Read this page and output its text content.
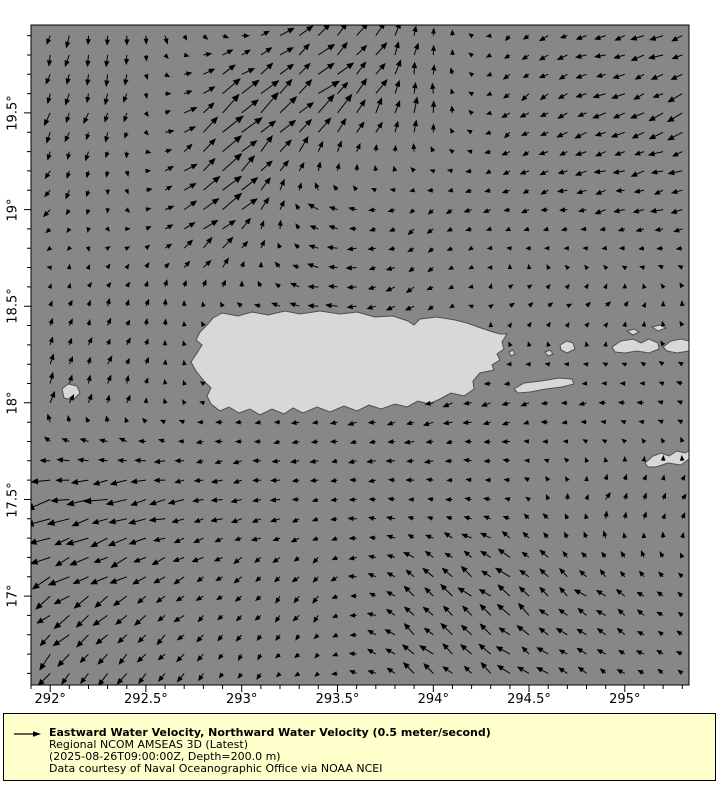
Eastward Water Velocity, Northward Water Velocity (0.5 meter/second)
Regional NCOM AMSEAS 3D (Latest)
(2025-08-26T09:00:00Z, Depth=200.0 m)
Data courtesy of Naval Oceanographic Office via NOAA NCEI
292°	292.5°	293°	293.5°	294°	294.5°	295°
19.5°
19°
18.5°
18°
17.5°
17°
